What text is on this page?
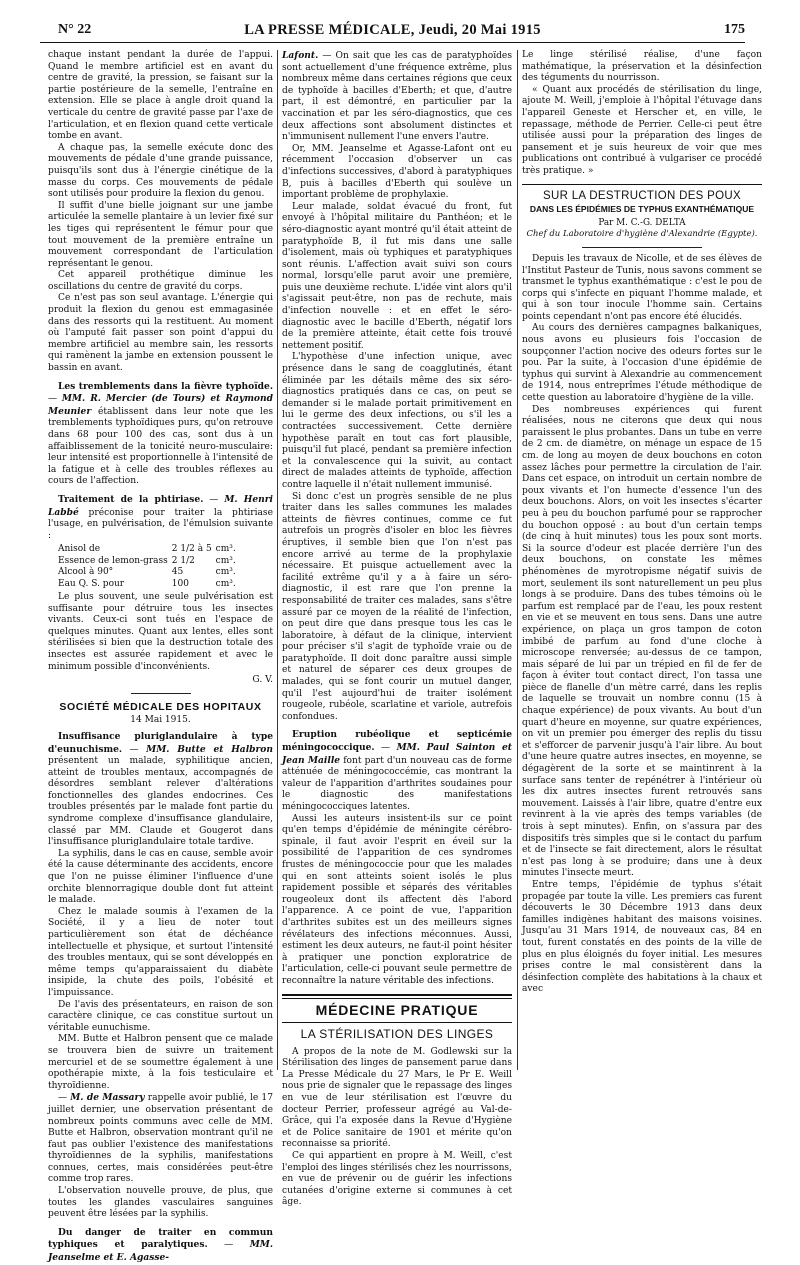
N° 22	LA PRESSE MÉDICALE, Jeudi, 20 Mai 1915	175

chaque instant pendant la durée de l'appui. Quand le membre artificiel est en avant du centre de gravité, la pression, se faisant sur la partie postérieure de la semelle, l'entraîne en extension. Elle se place à angle droit quand la verticale du centre de gravité passe par l'axe de l'articulation, et en flexion quand cette verticale tombe en avant.

A chaque pas, la semelle exécute donc des mouvements de pédale d'une grande puissance, puisqu'ils sont dus à l'énergie cinétique de la masse du corps. Ces mouvements de pédale sont utilisés pour produire la flexion du genou.

Il suffit d'une bielle joignant sur une jambe articulée la semelle plantaire à un levier fixé sur les tiges qui représentent le fémur pour que tout mouvement de la première entraîne un mouvement correspondant de l'articulation représentant le genou.

Cet appareil prothétique diminue les oscillations du centre de gravité du corps.

Ce n'est pas son seul avantage. L'énergie qui produit la flexion du genou est emmagasinée dans des ressorts qui la restituent. Au moment où l'amputé fait passer son point d'appui du membre artificiel au membre sain, les ressorts qui ramènent la jambe en extension poussent le bassin en avant.

Les tremblements dans la fièvre typhoïde. — MM. R. Mercier (de Tours) et Raymond Meunier établissent dans leur note que les tremblements typhoïdiques purs, qu'on retrouve dans 68 pour 100 des cas, sont dus à un affaiblissement de la tonicité neuro-musculaire: leur intensité est proportionnelle à l'intensité de la fatigue et à celle des troubles réflexes au cours de l'affection.

Traitement de la phtiriase. — M. Henri Labbé préconise pour traiter la phtiriase l'usage, en pulvérisation, de l'émulsion suivante :

Anisol de	2 1/2 à 5	cm³.
Essence de lemon-grass	2 1/2	cm³.
Alcool à 90°	45	cm³.
Eau Q. S. pour	100	cm³.

Le plus souvent, une seule pulvérisation est suffisante pour détruire tous les insectes vivants. Ceux-ci sont tués en l'espace de quelques minutes. Quant aux lentes, elles sont stérilisées si bien que la destruction totale des insectes est assurée rapidement et avec le minimum possible d'inconvénients.

G. V.
SOCIÉTÉ MÉDICALE DES HOPITAUX
14 Mai 1915.

Insuffisance pluriglandulaire à type d'eunuchisme. — MM. Butte et Halbron présentent un malade, syphilitique ancien, atteint de troubles mentaux, accompagnés de désordres semblant relever d'altérations fonctionnelles des glandes endocrines. Ces troubles présentés par le malade font partie du syndrome complexe d'insuffisance glandulaire, classé par MM. Claude et Gougerot dans l'insuffisance pluriglandulaire totale tardive.

La syphilis, dans le cas en cause, semble avoir été la cause déterminante des accidents, encore que l'on ne puisse éliminer l'influence d'une orchite blennorragique double dont fut atteint le malade.

Chez le malade soumis à l'examen de la Société, il y a lieu de noter tout particulièrement son état de déchéance intellectuelle et physique, et surtout l'intensité des troubles mentaux, qui se sont développés en même temps qu'apparaissaient du diabète insipide, la chute des poils, l'obésité et l'impuissance.

De l'avis des présentateurs, en raison de son caractère clinique, ce cas constitue surtout un véritable eunuchisme.

MM. Butte et Halbron pensent que ce malade se trouvera bien de suivre un traitement mercuriel et de se soumettre également à une opothérapie mixte, à la fois testiculaire et thyroïdienne.

— M. de Massary rappelle avoir publié, le 17 juillet dernier, une observation présentant de nombreux points communs avec celle de MM. Butte et Halbron, observation montrant qu'il ne faut pas oublier l'existence des manifestations thyroïdiennes de la syphilis, manifestations connues, certes, mais considérées peut-être comme trop rares.

L'observation nouvelle prouve, de plus, que toutes les glandes vasculaires sanguines peuvent être lésées par la syphilis.

Du danger de traiter en commun typhiques et paralytiques. — MM. Jeanselme et E. Agasse-

Lafont. — On sait que les cas de paratyphoïdes sont actuellement d'une fréquence extrême, plus nombreux même dans certaines régions que ceux de typhoïde à bacilles d'Eberth; et que, d'autre part, il est démontré, en particulier par la vaccination et par les séro-diagnostics, que ces deux affections sont absolument distinctes et n'immunisent nullement l'une envers l'autre.

Or, MM. Jeanselme et Agasse-Lafont ont eu récemment l'occasion d'observer un cas d'infections successives, d'abord à paratyphiques B, puis à bacilles d'Eberth qui soulève un important problème de prophylaxie.

Leur malade, soldat évacué du front, fut envoyé à l'hôpital militaire du Panthéon; et le séro-diagnostic ayant montré qu'il était atteint de paratyphoïde B, il fut mis dans une salle d'isolement, mais où typhiques et paratyphiques sont réunis. L'affection avait suivi son cours normal, lorsqu'elle parut avoir une première, puis une deuxième rechute. L'idée vint alors qu'il s'agissait peut-être, non pas de rechute, mais d'infection nouvelle : et en effet le séro-diagnostic avec le bacille d'Eberth, négatif lors de la première atteinte, était cette fois trouvé nettement positif.

L'hypothèse d'une infection unique, avec présence dans le sang de coagglutinés, étant éliminée par les détails même des six séro-diagnostics pratiqués dans ce cas, on peut se demander si le malade portait primitivement en lui le germe des deux infections, ou s'il les a contractées successivement. Cette dernière hypothèse paraît en tout cas fort plausible, puisqu'il fut placé, pendant sa première infection et la convalescence qui la suivit, au contact direct de malades atteints de typhoïde, affection contre laquelle il n'était nullement immunisé.

Si donc c'est un progrès sensible de ne plus traiter dans les salles communes les malades atteints de fièvres continues, comme ce fut autrefois un progrès d'isoler en bloc les fièvres éruptives, il semble bien que l'on n'est pas encore arrivé au terme de la prophylaxie nécessaire. Et puisque actuellement avec la facilité extrême qu'il y a à faire un séro-diagnostic, il est rare que l'on prenne la responsabilité de traiter ces malades, sans s'être assuré par ce moyen de la réalité de l'infection, on peut dire que dans presque tous les cas le laboratoire, à défaut de la clinique, intervient pour préciser s'il s'agit de typhoïde vraie ou de paratyphoïde. Il doit donc paraître aussi simple et naturel de séparer ces deux groupes de malades, qui se font courir un mutuel danger, qu'il l'est aujourd'hui de traiter isolément rougeole, rubéole, scarlatine et variole, autrefois confondues.

Eruption rubéolique et septicémie méningococcique. — MM. Paul Sainton et Jean Maille font part d'un nouveau cas de forme atténuée de méningococcémie, cas montrant la valeur de l'apparition d'arthrites soudaines pour le diagnostic des manifestations méningococciques latentes.

Aussi les auteurs insistent-ils sur ce point qu'en temps d'épidémie de méningite cérébro-spinale, il faut avoir l'esprit en éveil sur la possibilité de l'apparition de ces syndromes frustes de méningococcie pour que les malades qui en sont atteints soient isolés le plus rapidement possible et séparés des véritables rougeoleux dont ils affectent dès l'abord l'apparence. A ce point de vue, l'apparition d'arthrites subites est un des meilleurs signes révélateurs des infections méconnues. Aussi, estiment les deux auteurs, ne faut-il point hésiter à pratiquer une ponction exploratrice de l'articulation, celle-ci pouvant seule permettre de reconnaître la nature véritable des infections.

MÉDECINE PRATIQUE
LA STÉRILISATION DES LINGES

A propos de la note de M. Godlewski sur la Stérilisation des linges de pansement parue dans La Presse Médicale du 27 Mars, le Pr E. Weill nous prie de signaler que le repassage des linges en vue de leur stérilisation est l'œuvre du docteur Perrier, professeur agrégé au Val-de-Grâce, qui l'a exposée dans la Revue d'Hygiène et de Police sanitaire de 1901 et mérite qu'on reconnaisse sa priorité.

Ce qui appartient en propre à M. Weill, c'est l'emploi des linges stérilisés chez les nourrissons, en vue de prévenir ou de guérir les infections cutanées d'origine externe si communes à cet âge.

Le linge stérilisé réalise, d'une façon mathématique, la préservation et la désinfection des téguments du nourrisson.

« Quant aux procédés de stérilisation du linge, ajoute M. Weill, j'emploie à l'hôpital l'étuvage dans l'appareil Geneste et Herscher et, en ville, le repassage, méthode de Perrier. Celle-ci peut être utilisée aussi pour la préparation des linges de pansement et je suis heureux de voir que mes publications ont contribué à vulgariser ce procédé très pratique. »

SUR LA DESTRUCTION DES POUX
DANS LES ÉPIDÉMIES DE TYPHUS EXANTHÉMATIQUE
Par M. C.-G. DELTA
Chef du Laboratoire d'hygiène d'Alexandrie (Egypte).

Depuis les travaux de Nicolle, et de ses élèves de l'Institut Pasteur de Tunis, nous savons comment se transmet le typhus exanthématique : c'est le pou de corps qui s'infecte en piquant l'homme malade, et qui à son tour inocule l'homme sain. Certains points cependant n'ont pas encore été élucidés.

Au cours des dernières campagnes balkaniques, nous avons eu plusieurs fois l'occasion de soupçonner l'action nocive des odeurs fortes sur le pou. Par la suite, à l'occasion d'une épidémie de typhus qui survint à Alexandrie au commencement de 1914, nous entreprîmes l'étude méthodique de cette question au laboratoire d'hygiène de la ville.

Des nombreuses expériences qui furent réalisées, nous ne citerons que deux qui nous paraissent le plus probantes. Dans un tube en verre de 2 cm. de diamètre, on ménage un espace de 15 cm. de long au moyen de deux bouchons en coton assez lâches pour permettre la circulation de l'air. Dans cet espace, on introduit un certain nombre de poux vivants et l'on humecte d'essence l'un des deux bouchons. Alors, on voit les insectes s'écarter peu à peu du bouchon parfumé pour se rapprocher du bouchon opposé : au bout d'un certain temps (de cinq à huit minutes) tous les poux sont morts. Si la source d'odeur est placée derrière l'un des deux bouchons, on constate les mêmes phénomènes de myrotropisme négatif suivis de mort, seulement ils sont naturellement un peu plus longs à se produire. Dans des tubes témoins où le parfum est remplacé par de l'eau, les poux restent en vie et se meuvent en tous sens. Dans une autre expérience, on plaça un gros tampon de coton imbibé de parfum au fond d'une cloche à microscope renversée; au-dessus de ce tampon, mais séparé de lui par un trépied en fil de fer de façon à éviter tout contact direct, l'on tassa une pièce de flanelle d'un mètre carré, dans les replis de laquelle se trouvait un nombre connu (15 à chaque expérience) de poux vivants. Au bout d'un quart d'heure en moyenne, sur quatre expériences, on vit un premier pou émerger des replis du tissu et s'efforcer de parvenir jusqu'à l'air libre. Au bout d'une heure quatre autres insectes, en moyenne, se dégagèrent de la sorte et se maintinrent à la surface sans tenter de repénétrer à l'intérieur où les dix autres insectes furent retrouvés sans mouvement. Laissés à l'air libre, quatre d'entre eux revinrent à la vie après des temps variables (de trois à sept minutes). Enfin, on s'assura par des dispositifs très simples que si le contact du parfum et de l'insecte se fait directement, alors le résultat n'est pas long à se produire; dans une à deux minutes l'insecte meurt.

Entre temps, l'épidémie de typhus s'était propagée par toute la ville. Les premiers cas furent découverts le 30 Décembre 1913 dans deux familles indigènes habitant des maisons voisines. Jusqu'au 31 Mars 1914, de nouveaux cas, 84 en tout, furent constatés en des points de la ville de plus en plus éloignés du foyer initial. Les mesures prises contre le mal consistèrent dans la désinfection complète des habitations à la chaux et avec
